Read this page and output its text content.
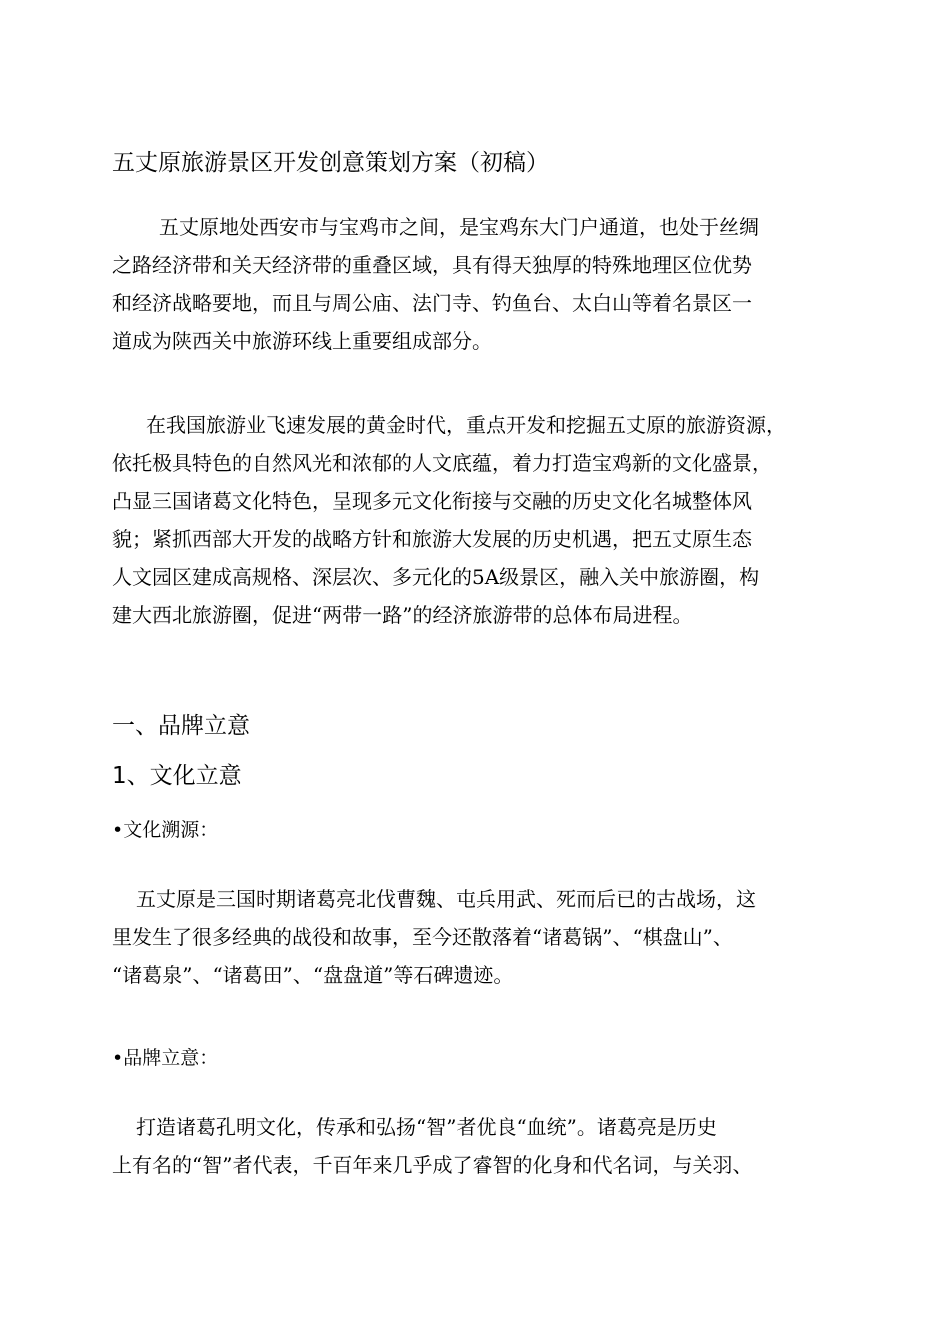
五丈原旅游景区开发创意策划方案（初稿）
五丈原地处西安市与宝鸡市之间，是宝鸡东大门户通道，也处于丝绸
之路经济带和关天经济带的重叠区域，具有得天独厚的特殊地理区位优势
和经济战略要地，而且与周公庙、法门寺、钓鱼台、太白山等着名景区一
道成为陕西关中旅游环线上重要组成部分。
在我国旅游业飞速发展的黄金时代，重点开发和挖掘五丈原的旅游资源，
依托极具特色的自然风光和浓郁的人文底蕴，着力打造宝鸡新的文化盛景，
凸显三国诸葛文化特色，呈现多元文化衔接与交融的历史文化名城整体风
貌；紧抓西部大开发的战略方针和旅游大发展的历史机遇，把五丈原生态
人文园区建成高规格、深层次、多元化的5A级景区，融入关中旅游圈，构
建大西北旅游圈，促进“两带一路”的经济旅游带的总体布局进程。
一、品牌立意
1、文化立意
•文化溯源：
五丈原是三国时期诸葛亮北伐曹魏、屯兵用武、死而后已的古战场，这
里发生了很多经典的战役和故事，至今还散落着“诸葛锅”、“棋盘山”、
“诸葛泉”、“诸葛田”、“盘盘道”等石碑遗迹。
•品牌立意：
打造诸葛孔明文化，传承和弘扬“智”者优良“血统”。诸葛亮是历史
上有名的“智”者代表，千百年来几乎成了睿智的化身和代名词，与关羽、
